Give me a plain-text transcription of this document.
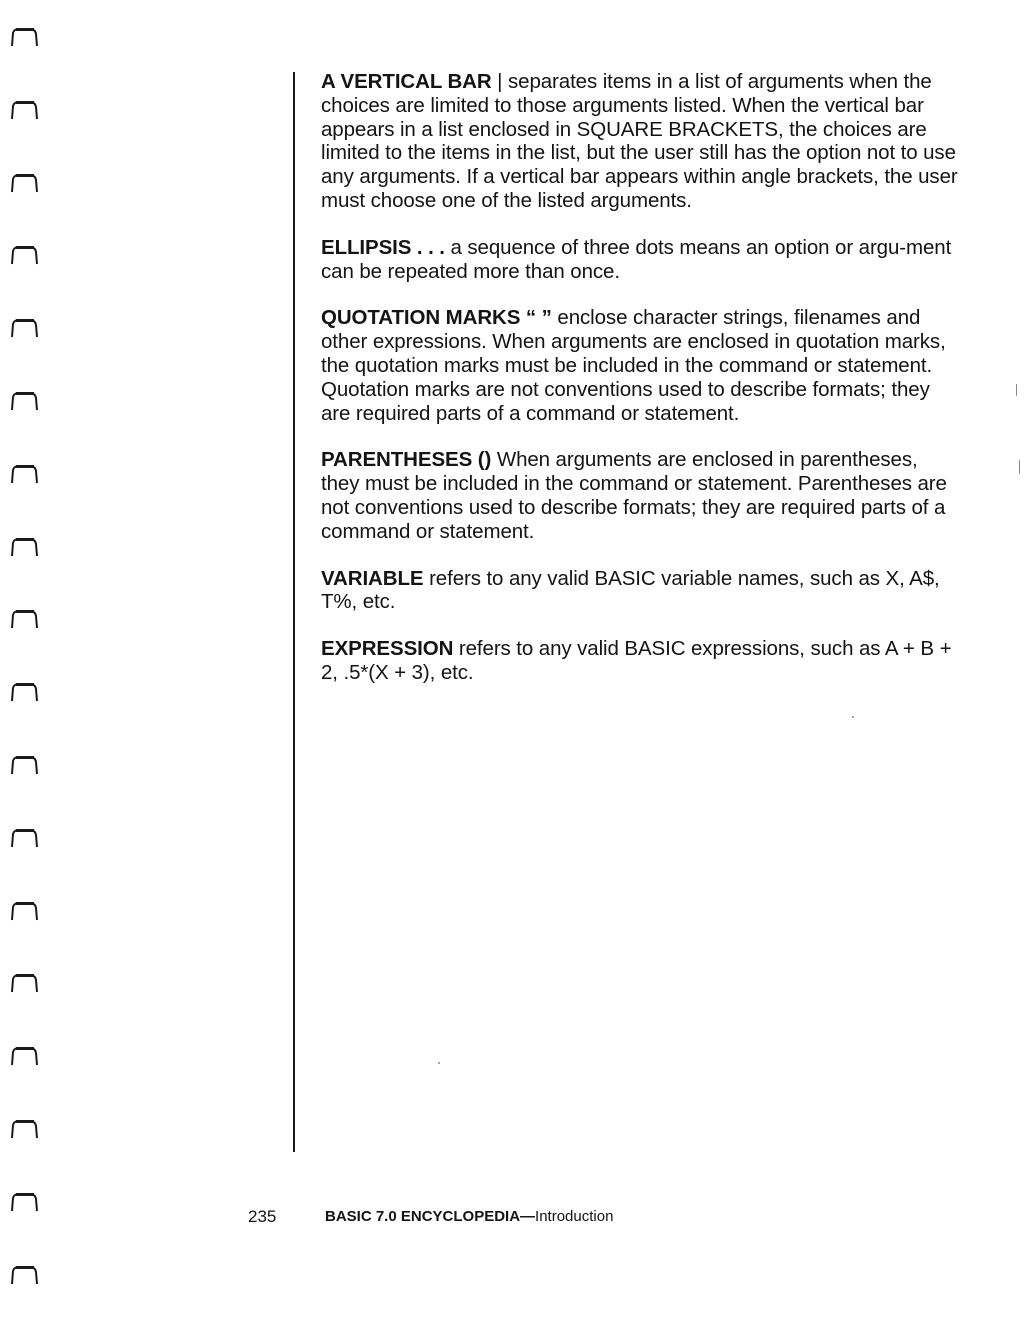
A VERTICAL BAR | separates items in a list of arguments when the choices are limited to those arguments listed. When the vertical bar appears in a list enclosed in SQUARE BRACKETS, the choices are limited to the items in the list, but the user still has the option not to use any arguments. If a vertical bar appears within angle brackets, the user must choose one of the listed arguments.

ELLIPSIS . . . a sequence of three dots means an option or argu-ment can be repeated more than once.

QUOTATION MARKS “ ” enclose character strings, filenames and other expressions. When arguments are enclosed in quotation marks, the quotation marks must be included in the command or statement. Quotation marks are not conventions used to describe formats; they are required parts of a command or statement.

PARENTHESES () When arguments are enclosed in parentheses, they must be included in the command or statement. Parentheses are not conventions used to describe formats; they are required parts of a command or statement.

VARIABLE refers to any valid BASIC variable names, such as X, A$, T%, etc.

EXPRESSION refers to any valid BASIC expressions, such as A + B + 2, .5*(X + 3), etc.

235	BASIC 7.0 ENCYCLOPEDIA—Introduction
